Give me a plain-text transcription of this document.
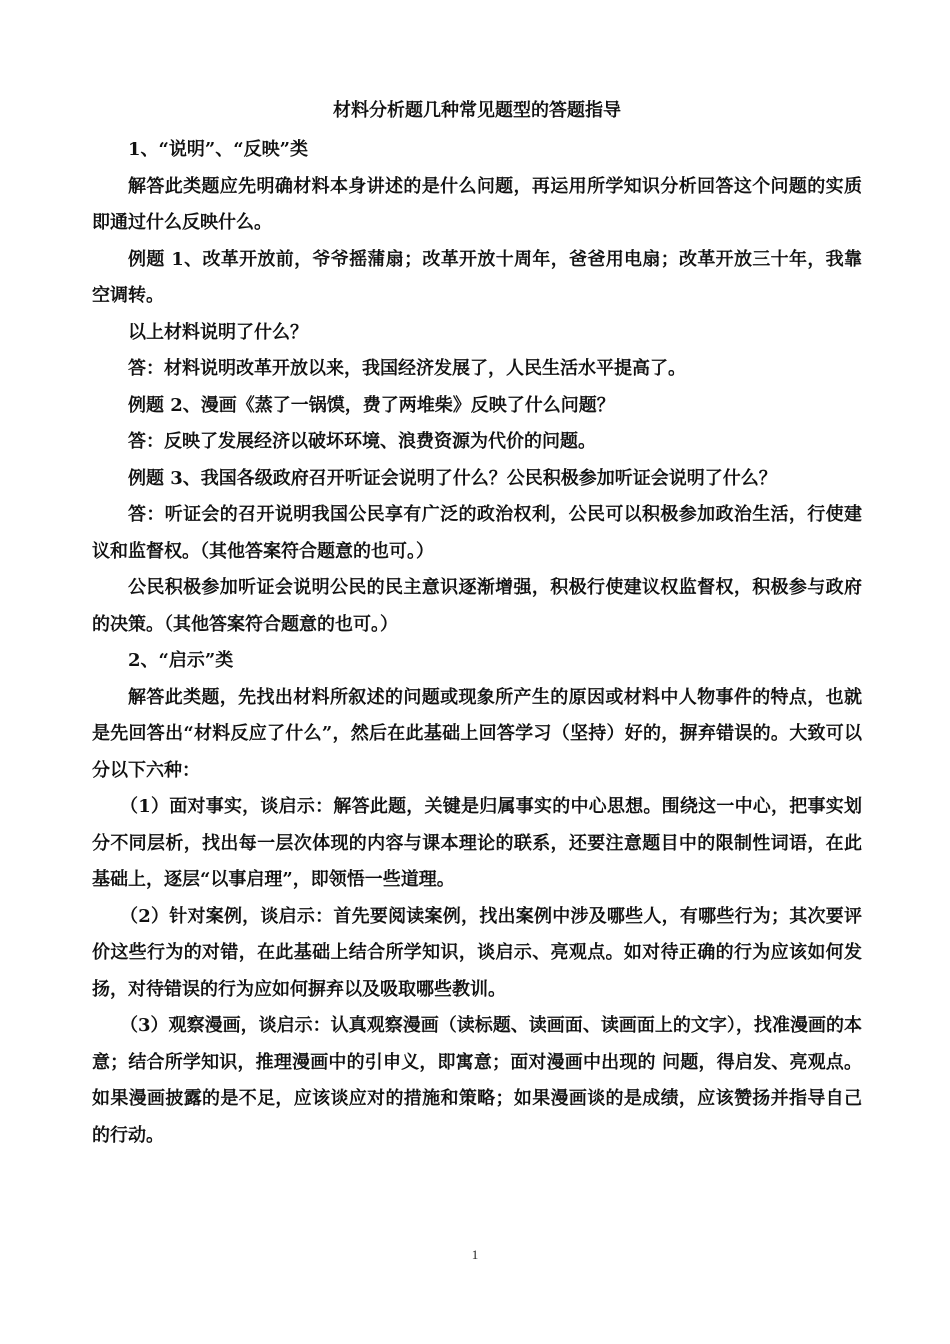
材料分析题几种常见题型的答题指导

1、“说明”、“反映”类

解答此类题应先明确材料本身讲述的是什么问题，再运用所学知识分析回答这个问题的实质即通过什么反映什么。

例题 1、改革开放前，爷爷摇蒲扇；改革开放十周年，爸爸用电扇；改革开放三十年，我靠空调转。

以上材料说明了什么？

答：材料说明改革开放以来，我国经济发展了，人民生活水平提高了。

例题 2、漫画《蒸了一锅馍，费了两堆柴》反映了什么问题？

答：反映了发展经济以破坏环境、浪费资源为代价的问题。

例题 3、我国各级政府召开听证会说明了什么？公民积极参加听证会说明了什么？

答：听证会的召开说明我国公民享有广泛的政治权利，公民可以积极参加政治生活，行使建议和监督权。（其他答案符合题意的也可。）

公民积极参加听证会说明公民的民主意识逐渐增强，积极行使建议权监督权，积极参与政府的决策。（其他答案符合题意的也可。）

2、“启示”类

解答此类题，先找出材料所叙述的问题或现象所产生的原因或材料中人物事件的特点，也就是先回答出“材料反应了什么”，然后在此基础上回答学习（坚持）好的，摒弃错误的。大致可以分以下六种：

（1）面对事实，谈启示：解答此题，关键是归属事实的中心思想。围绕这一中心，把事实划分不同层析，找出每一层次体现的内容与课本理论的联系，还要注意题目中的限制性词语，在此基础上，逐层“以事启理”，即领悟一些道理。

（2）针对案例，谈启示：首先要阅读案例，找出案例中涉及哪些人，有哪些行为；其次要评价这些行为的对错，在此基础上结合所学知识，谈启示、亮观点。如对待正确的行为应该如何发扬，对待错误的行为应如何摒弃以及吸取哪些教训。

（3）观察漫画，谈启示：认真观察漫画（读标题、读画面、读画面上的文字），找准漫画的本意；结合所学知识，推理漫画中的引申义，即寓意；面对漫画中出现的 问题，得启发、亮观点。如果漫画披露的是不足，应该谈应对的措施和策略；如果漫画谈的是成绩，应该赞扬并指导自己的行动。

1
